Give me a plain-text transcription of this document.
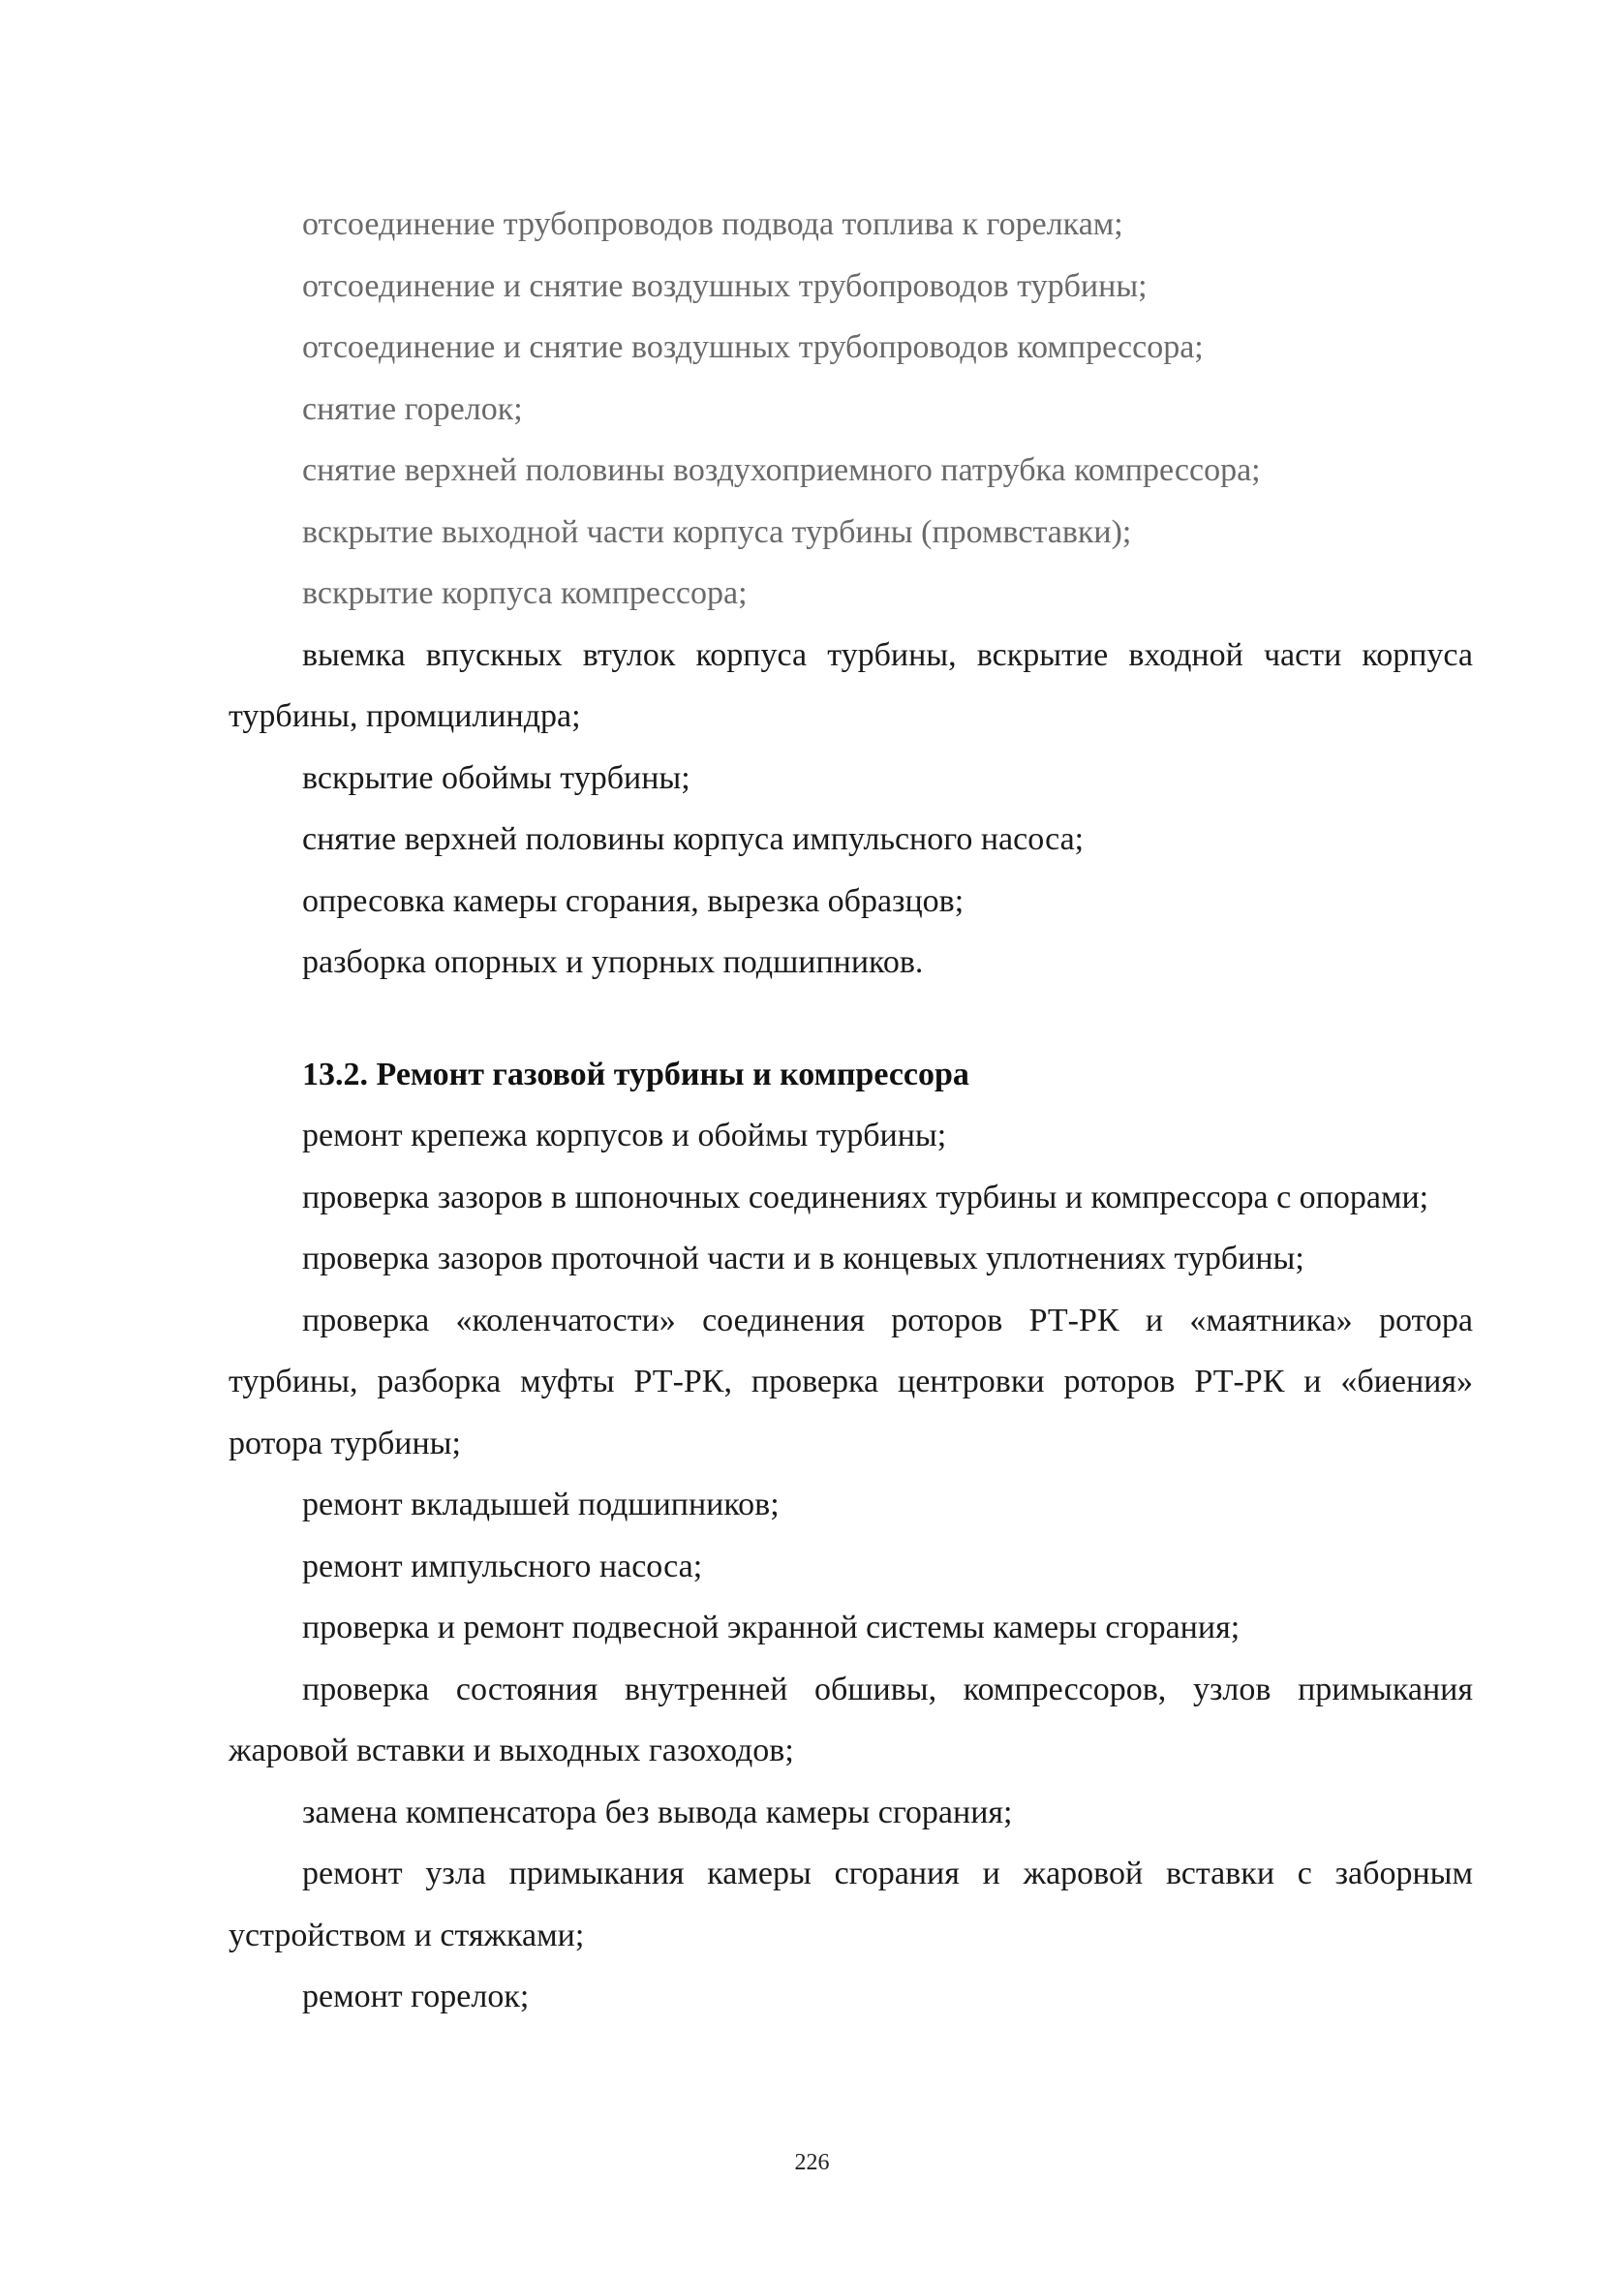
отсоединение трубопроводов подвода топлива к горелкам;

отсоединение и снятие воздушных трубопроводов турбины;

отсоединение и снятие воздушных трубопроводов компрессора;

снятие горелок;

снятие верхней половины воздухоприемного патрубка компрессора;

вскрытие выходной части корпуса турбины (промвставки);

вскрытие корпуса компрессора;

выемка впускных втулок корпуса турбины, вскрытие входной части корпуса турбины, промцилиндра;

вскрытие обоймы турбины;

снятие верхней половины корпуса импульсного насоса;

опресовка камеры сгорания, вырезка образцов;

разборка опорных и упорных подшипников.

13.2. Ремонт газовой турбины и компрессора

ремонт крепежа корпусов и обоймы турбины;

проверка зазоров в шпоночных соединениях турбины и компрессора с опорами;

проверка зазоров проточной части и в концевых уплотнениях турбины;

проверка «коленчатости» соединения роторов РТ-РК и «маятника» ротора турбины, разборка муфты РТ-РК, проверка центровки роторов РТ-РК и «биения» ротора турбины;

ремонт вкладышей подшипников;

ремонт импульсного насоса;

проверка и ремонт подвесной экранной системы камеры сгорания;

проверка состояния внутренней обшивы, компрессоров, узлов примыкания жаровой вставки и выходных газоходов;

замена компенсатора без вывода камеры сгорания;

ремонт узла примыкания камеры сгорания и жаровой вставки с заборным устройством и стяжками;

ремонт горелок;

226
